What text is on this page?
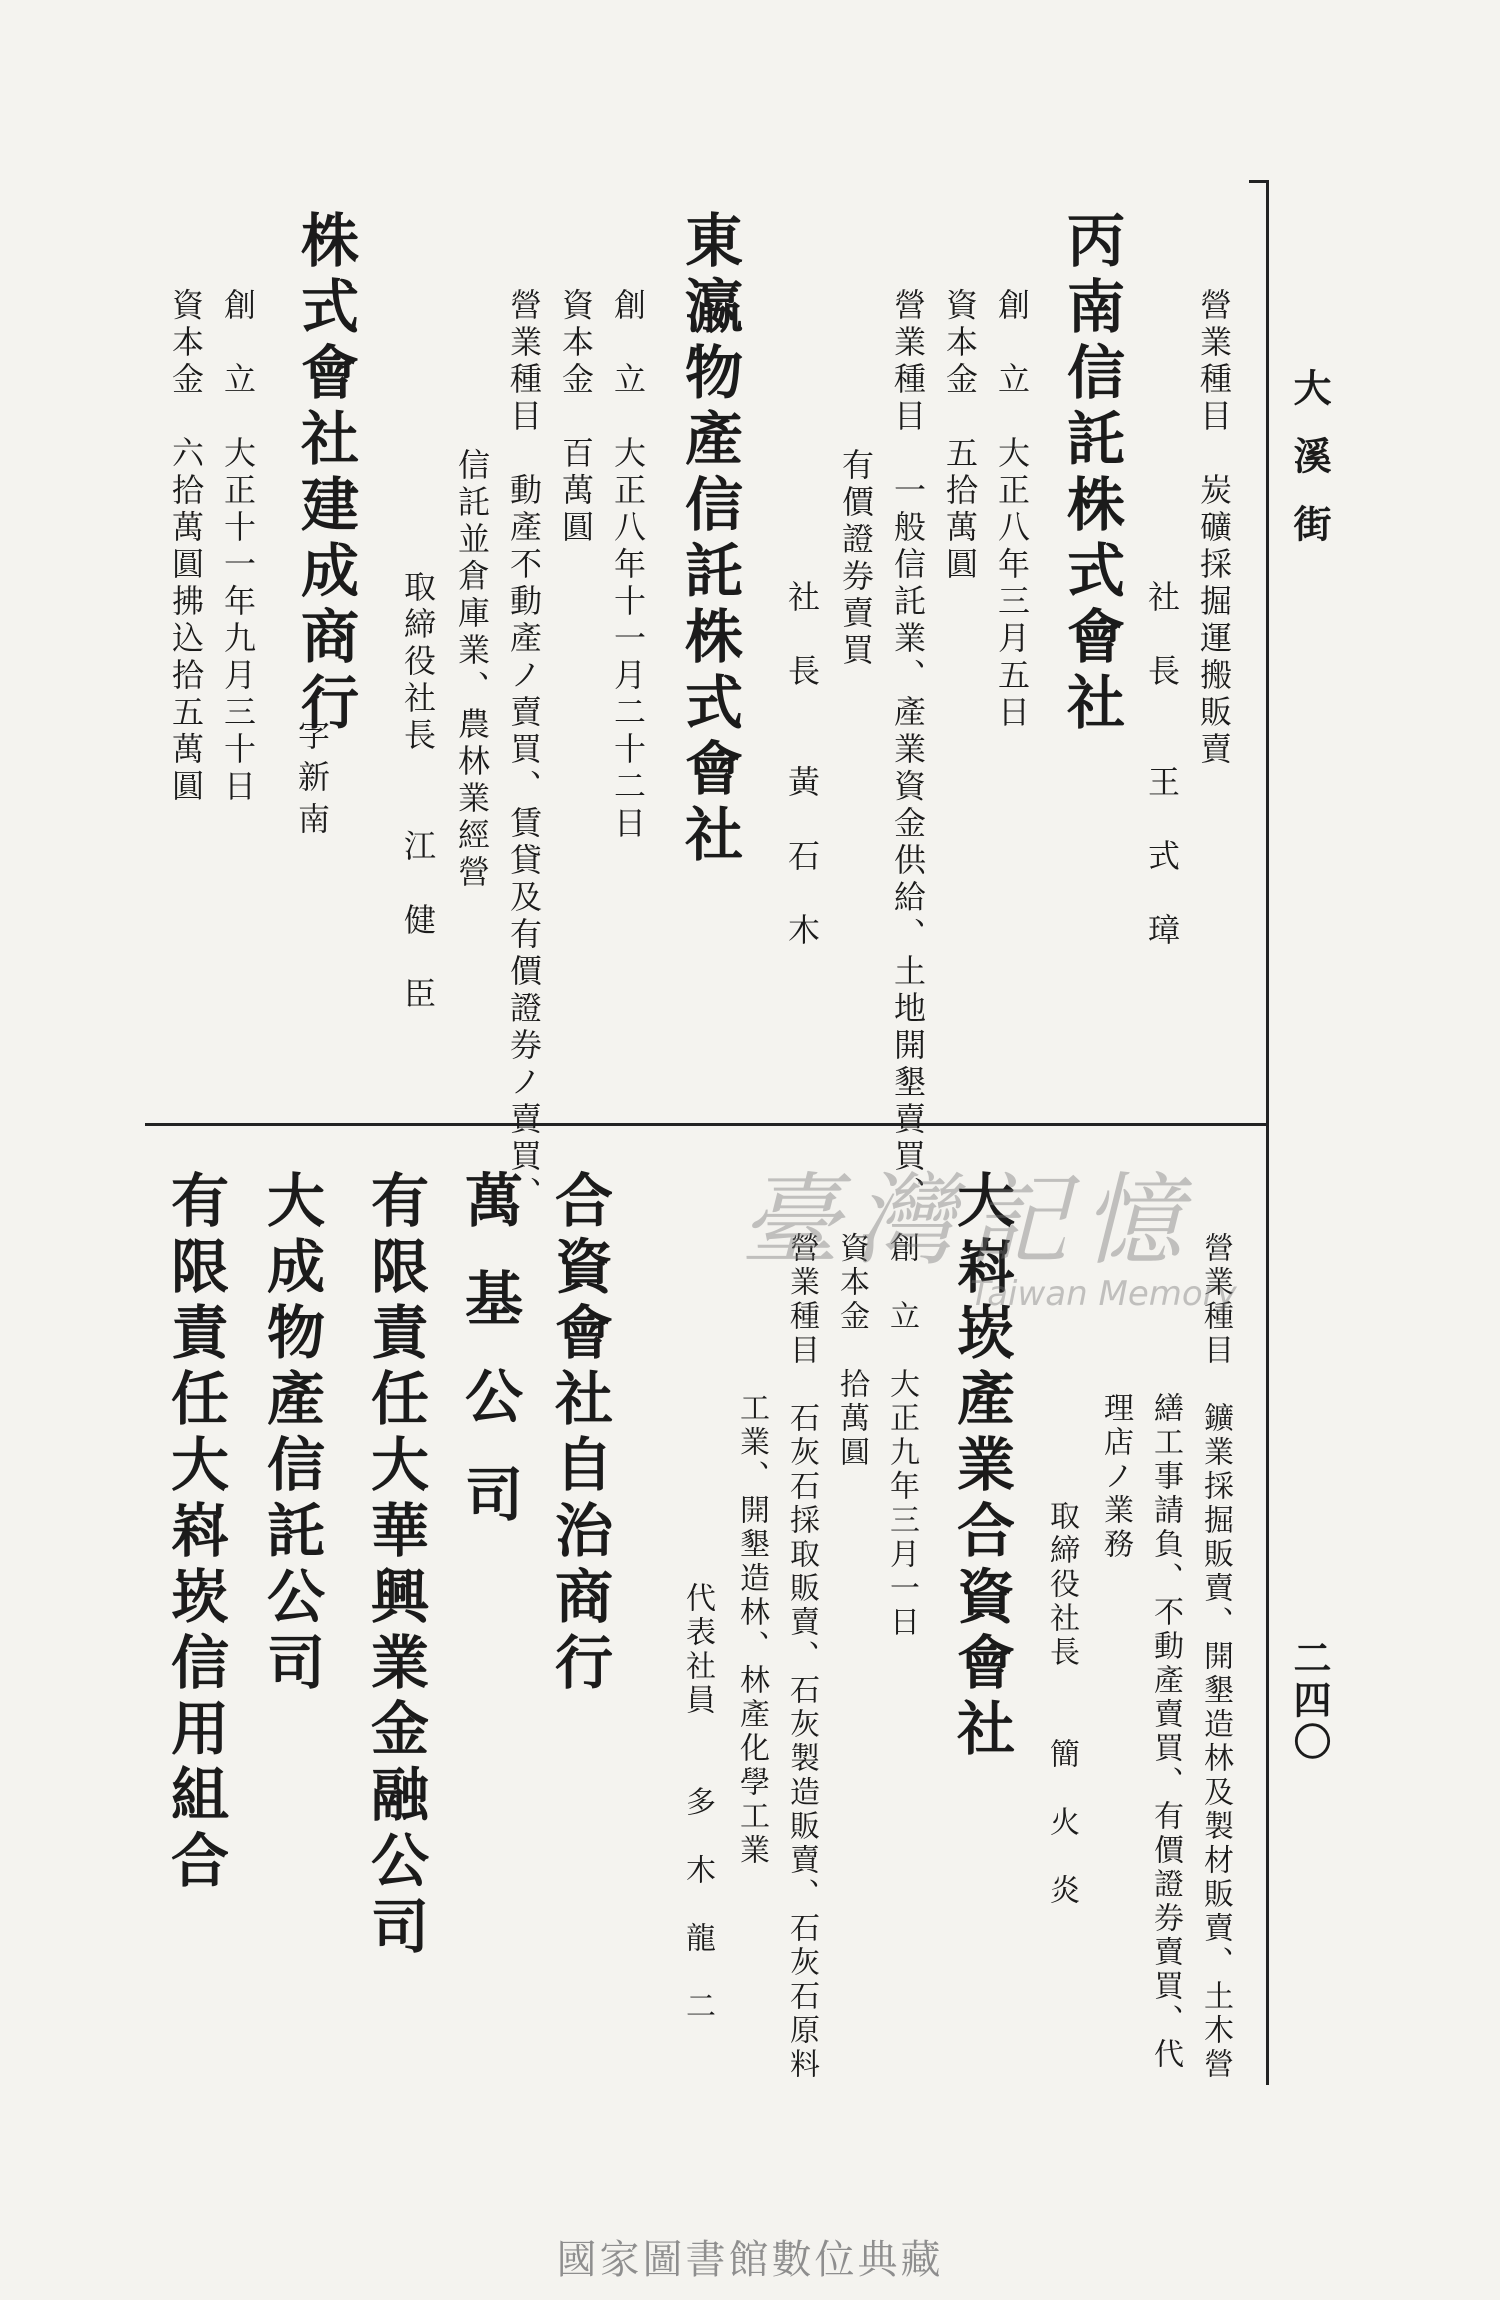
大溪街
二四〇
營業種目　炭礦採掘運搬販賣
社　長　　王　式　璋
丙南信託株式會社
創　立　大正八年三月五日
資本金　五拾萬圓
營業種目　一般信託業、產業資金供給、土地開墾賣買、
有價證券賣買
社　長　　黃　石　木
東瀛物產信託株式會社
創　立　大正八年十一月二十二日
資本金　百萬圓
營業種目　動產不動產ノ賣買、賃貸及有價證券ノ賣買、
信託並倉庫業、農林業經營
取締役社長　　江　健　臣
株式會社建成商行
字新南
創　立　大正十一年九月三十日
資本金　六拾萬圓拂込拾五萬圓
營業種目　鑛業採掘販賣、開墾造林及製材販賣、土木營
繕工事請負、不動產賣買、有價證券賣買、代
理店ノ業務
取締役社長　　簡　火　炎
大嵙崁產業合資會社
創　立　大正九年三月一日
資本金　拾萬圓
營業種目　石灰石採取販賣、石灰製造販賣、石灰石原料
工業、開墾造林、林產化學工業
代表社員　　多　木　龍　二
合資會社自治商行
萬基公司
有限責任大華興業金融公司
大成物產信託公司
有限責任大嵙崁信用組合	臺灣記憶
Taiwan Memory
國家圖書館數位典藏
